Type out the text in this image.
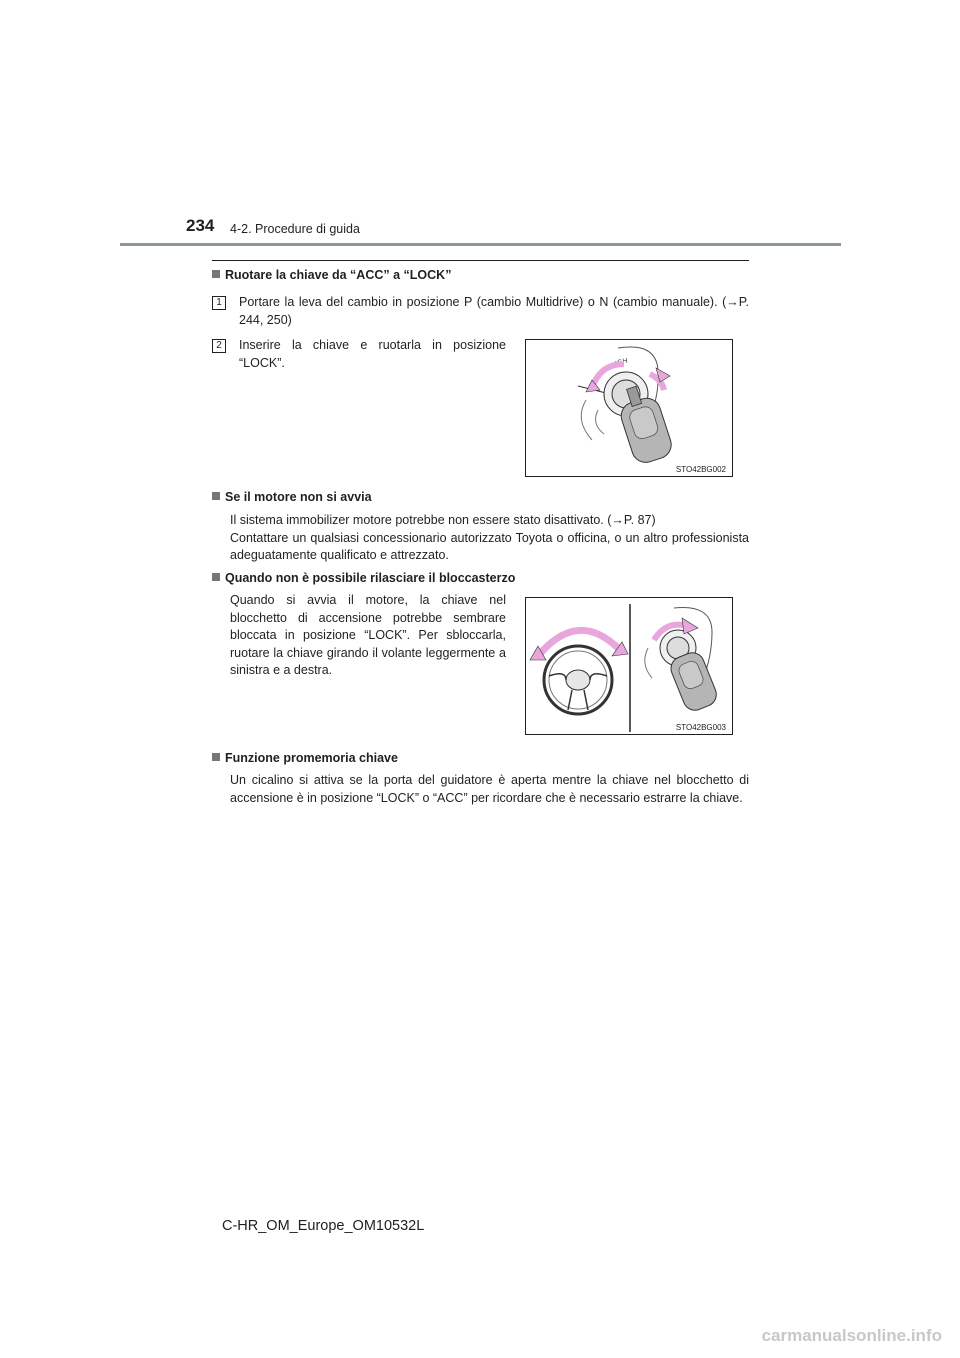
234 4-2. Procedure di guida
Ruotare la chiave da “ACC” a “LOCK”
1	Portare la leva del cambio in posizione P (cambio Multidrive) o N (cambio manuale). (→P. 244, 250)

2	Inserire la chiave e ruotarla in posizione “LOCK”.	PUSH
STO42BG002
Se il motore non si avvia

Il sistema immobilizer motore potrebbe non essere stato disattivato. (→P. 87)

Contattare un qualsiasi concessionario autorizzato Toyota o officina, o un altro professionista adeguatamente qualificato e attrezzato.

Quando non è possibile rilasciare il bloccasterzo

Quando si avvia il motore, la chiave nel blocchetto di accensione potrebbe sembrare bloccata in posizione “LOCK”. Per sbloccarla, ruotare la chiave girando il volante leggermente a sinistra e a destra.

STO42BG003
Funzione promemoria chiave

Un cicalino si attiva se la porta del guidatore è aperta mentre la chiave nel blocchetto di accensione è in posizione “LOCK” o “ACC” per ricordare che è necessario estrarre la chiave.

C-HR_OM_Europe_OM10532L
carmanualsonline.info
